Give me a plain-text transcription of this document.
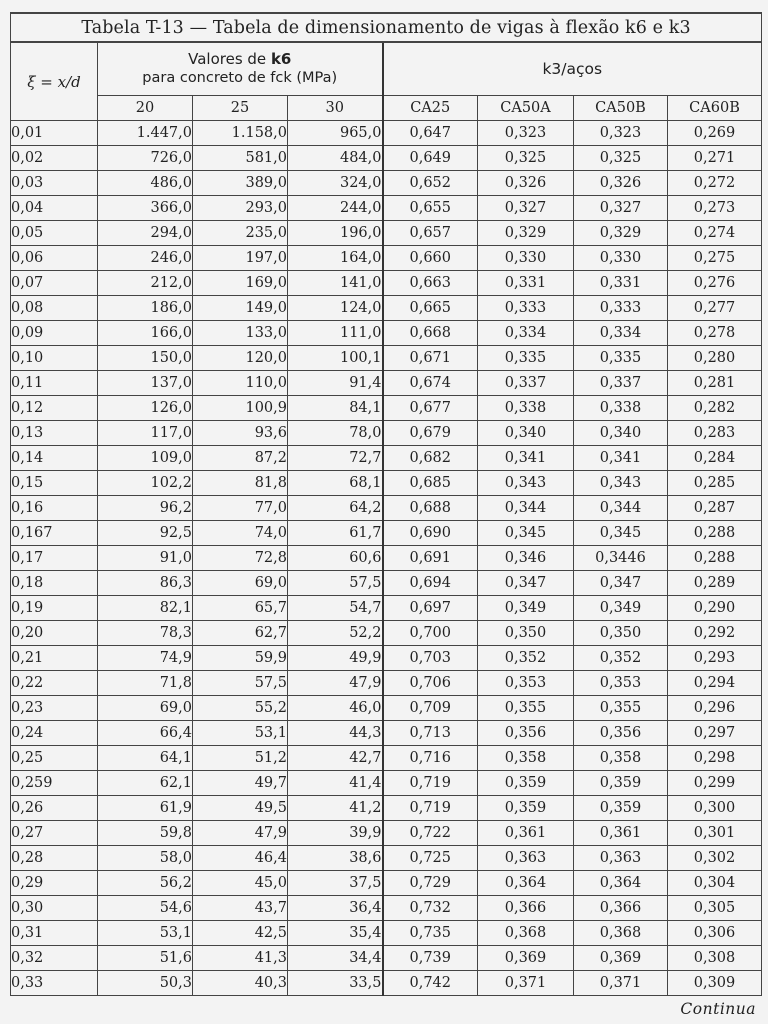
Tabela T-13 — Tabela de dimensionamento de vigas à flexão k6 e k3							
ξ = x/d	Valores de k6
para concreto de fck (MPa)			k3/aços			
	20	25	30	CA25	CA50A	CA50B	CA60B
0,01	1.447,0	1.158,0	965,0	0,647	0,323	0,323	0,269
0,02	726,0	581,0	484,0	0,649	0,325	0,325	0,271
0,03	486,0	389,0	324,0	0,652	0,326	0,326	0,272
0,04	366,0	293,0	244,0	0,655	0,327	0,327	0,273
0,05	294,0	235,0	196,0	0,657	0,329	0,329	0,274
0,06	246,0	197,0	164,0	0,660	0,330	0,330	0,275
0,07	212,0	169,0	141,0	0,663	0,331	0,331	0,276
0,08	186,0	149,0	124,0	0,665	0,333	0,333	0,277
0,09	166,0	133,0	111,0	0,668	0,334	0,334	0,278
0,10	150,0	120,0	100,1	0,671	0,335	0,335	0,280
0,11	137,0	110,0	91,4	0,674	0,337	0,337	0,281
0,12	126,0	100,9	84,1	0,677	0,338	0,338	0,282
0,13	117,0	93,6	78,0	0,679	0,340	0,340	0,283
0,14	109,0	87,2	72,7	0,682	0,341	0,341	0,284
0,15	102,2	81,8	68,1	0,685	0,343	0,343	0,285
0,16	96,2	77,0	64,2	0,688	0,344	0,344	0,287
0,167	92,5	74,0	61,7	0,690	0,345	0,345	0,288
0,17	91,0	72,8	60,6	0,691	0,346	0,3446	0,288
0,18	86,3	69,0	57,5	0,694	0,347	0,347	0,289
0,19	82,1	65,7	54,7	0,697	0,349	0,349	0,290
0,20	78,3	62,7	52,2	0,700	0,350	0,350	0,292
0,21	74,9	59,9	49,9	0,703	0,352	0,352	0,293
0,22	71,8	57,5	47,9	0,706	0,353	0,353	0,294
0,23	69,0	55,2	46,0	0,709	0,355	0,355	0,296
0,24	66,4	53,1	44,3	0,713	0,356	0,356	0,297
0,25	64,1	51,2	42,7	0,716	0,358	0,358	0,298
0,259	62,1	49,7	41,4	0,719	0,359	0,359	0,299
0,26	61,9	49,5	41,2	0,719	0,359	0,359	0,300
0,27	59,8	47,9	39,9	0,722	0,361	0,361	0,301
0,28	58,0	46,4	38,6	0,725	0,363	0,363	0,302
0,29	56,2	45,0	37,5	0,729	0,364	0,364	0,304
0,30	54,6	43,7	36,4	0,732	0,366	0,366	0,305
0,31	53,1	42,5	35,4	0,735	0,368	0,368	0,306
0,32	51,6	41,3	34,4	0,739	0,369	0,369	0,308
0,33	50,3	40,3	33,5	0,742	0,371	0,371	0,309
Continua
